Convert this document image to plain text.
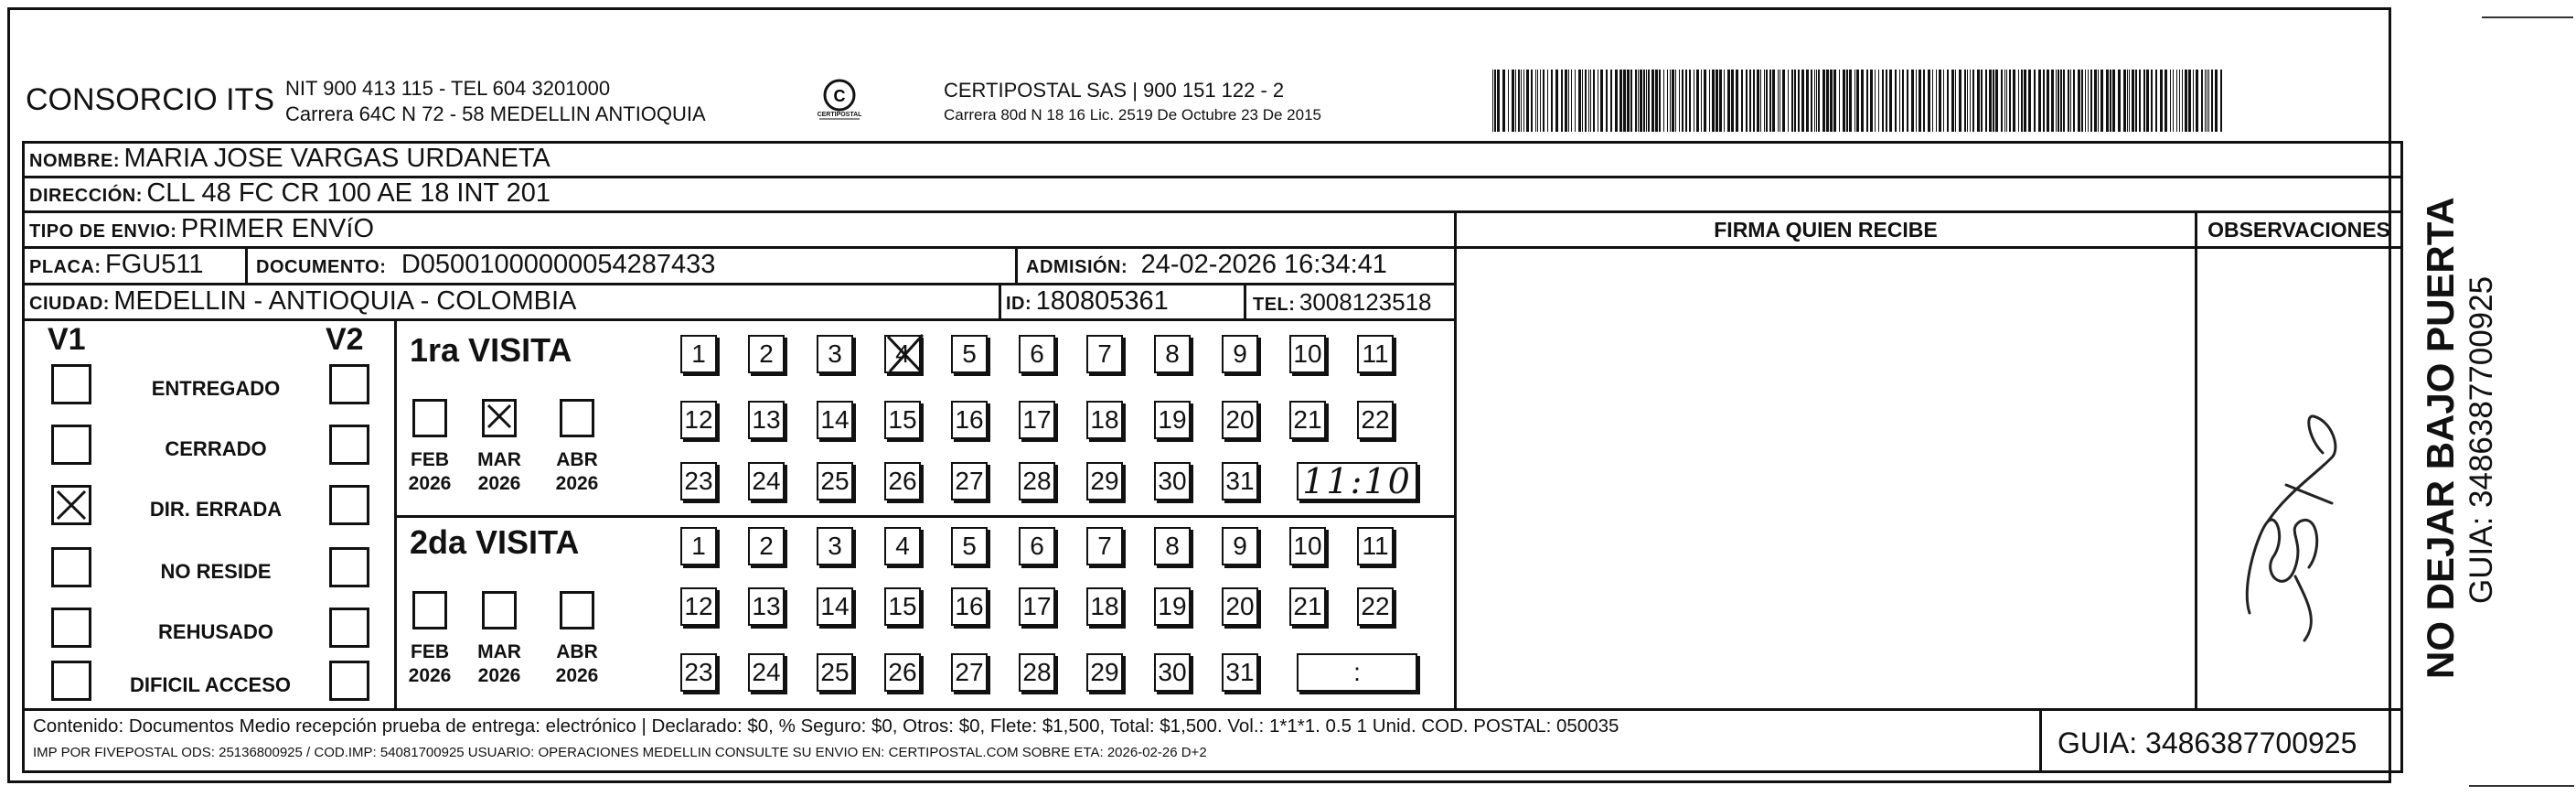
CONSORCIO ITS NIT 900 413 115 - TEL 604 3201000
Carrera 64C N 72 - 58 MEDELLIN ANTIOQUIA
C
CERTIPOSTAL
CERTIPOSTAL SAS | 900 151 122 - 2
Carrera 80d N 18 16 Lic. 2519 De Octubre 23 De 2015
NOMBRE: MARIA JOSE VARGAS URDANETA
DIRECCIÓN: CLL 48 FC CR 100 AE 18 INT 201
TIPO DE ENVIO: PRIMER ENVíO	FIRMA QUIEN RECIBE	OBSERVACIONES
PLACA: FGU511	DOCUMENTO: D05001000000054287433	ADMISIÓN: 24-02-2026 16:34:41
CIUDAD: MEDELLIN - ANTIOQUIA - COLOMBIA	ID: 180805361	TEL: 3008123518
V1	V2
ENTREGADO
CERRADO
DIR. ERRADA
NO RESIDE
REHUSADO
DIFICIL ACCESO
1ra VISITA
FEB
2026
MAR
2026
ABR
2026
1 2 3 4 5 6 7 8 9 10 11
12 13 14 15 16 17 18 19 20 21 22
23 24 25 26 27 28 29 30 31 11:10
2da VISITA
FEB
2026
MAR
2026
ABR
2026
1 2 3 4 5 6 7 8 9 10 11
12 13 14 15 16 17 18 19 20 21 22
23 24 25 26 27 28 29 30 31	:
Contenido: Documentos Medio recepción prueba de entrega: electrónico | Declarado: $0, % Seguro: $0, Otros: $0, Flete: $1,500, Total: $1,500. Vol.: 1*1*1. 0.5 1 Unid. COD. POSTAL: 050035
IMP POR FIVEPOSTAL ODS: 25136800925 / COD.IMP: 54081700925 USUARIO: OPERACIONES MEDELLIN CONSULTE SU ENVIO EN: CERTIPOSTAL.COM SOBRE ETA: 2026-02-26 D+2	GUIA: 3486387700925
NO DEJAR BAJO PUERTA GUIA: 3486387700925
